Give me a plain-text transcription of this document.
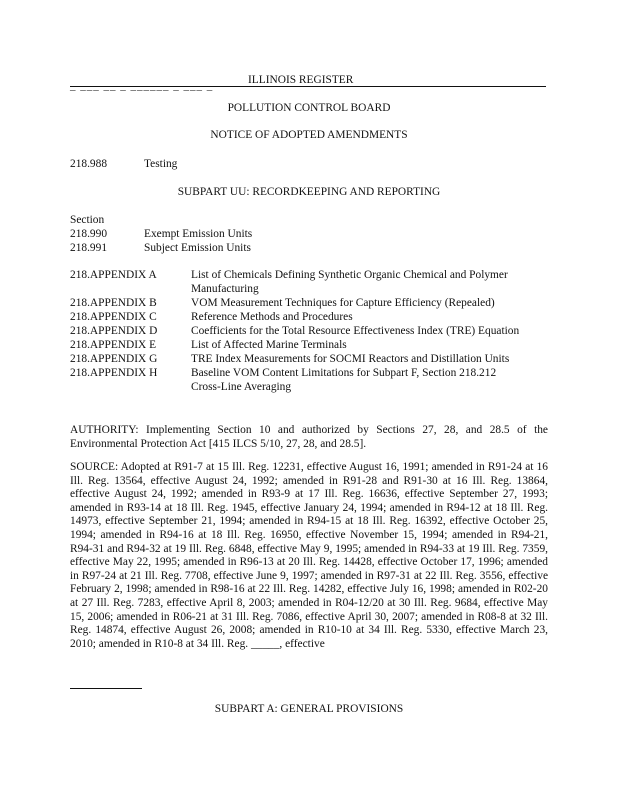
_ ___ __ _ ______ _ ___ _	ILLINOIS REGISTER
POLLUTION CONTROL BOARD
NOTICE OF ADOPTED AMENDMENTS
218.988	Testing
SUBPART UU: RECORDKEEPING AND REPORTING
Section
218.990	Exempt Emission Units
218.991	Subject Emission Units
218.APPENDIX A	List of Chemicals Defining Synthetic Organic Chemical and Polymer
Manufacturing
218.APPENDIX B	VOM Measurement Techniques for Capture Efficiency (Repealed)
218.APPENDIX C	Reference Methods and Procedures
218.APPENDIX D	Coefficients for the Total Resource Effectiveness Index (TRE) Equation
218.APPENDIX E	List of Affected Marine Terminals
218.APPENDIX G	TRE Index Measurements for SOCMI Reactors and Distillation Units
218.APPENDIX H	Baseline VOM Content Limitations for Subpart F, Section 218.212
Cross-Line Averaging
AUTHORITY: Implementing Section 10 and authorized by Sections 27, 28, and 28.5 of the Environmental Protection Act [415 ILCS 5/10, 27, 28, and 28.5].
SOURCE: Adopted at R91-7 at 15 Ill. Reg. 12231, effective August 16, 1991; amended in R91-24 at 16 Ill. Reg. 13564, effective August 24, 1992; amended in R91-28 and R91-30 at 16 Ill. Reg. 13864, effective August 24, 1992; amended in R93-9 at 17 Ill. Reg. 16636, effective September 27, 1993; amended in R93-14 at 18 Ill. Reg. 1945, effective January 24, 1994; amended in R94-12 at 18 Ill. Reg. 14973, effective September 21, 1994; amended in R94-15 at 18 Ill. Reg. 16392, effective October 25, 1994; amended in R94-16 at 18 Ill. Reg. 16950, effective November 15, 1994; amended in R94-21, R94-31 and R94-32 at 19 Ill. Reg. 6848, effective May 9, 1995; amended in R94-33 at 19 Ill. Reg. 7359, effective May 22, 1995; amended in R96-13 at 20 Ill. Reg. 14428, effective October 17, 1996; amended in R97-24 at 21 Ill. Reg. 7708, effective June 9, 1997; amended in R97-31 at 22 Ill. Reg. 3556, effective February 2, 1998; amended in R98-16 at 22 Ill. Reg. 14282, effective July 16, 1998; amended in R02-20 at 27 Ill. Reg. 7283, effective April 8, 2003; amended in R04-12/20 at 30 Ill. Reg. 9684, effective May 15, 2006; amended in R06-21 at 31 Ill. Reg. 7086, effective April 30, 2007; amended in R08-8 at 32 Ill. Reg. 14874, effective August 26, 2008; amended in R10-10 at 34 Ill. Reg. 5330, effective March 23, 2010; amended in R10-8 at 34 Ill. Reg. _____, effective
SUBPART A: GENERAL PROVISIONS
